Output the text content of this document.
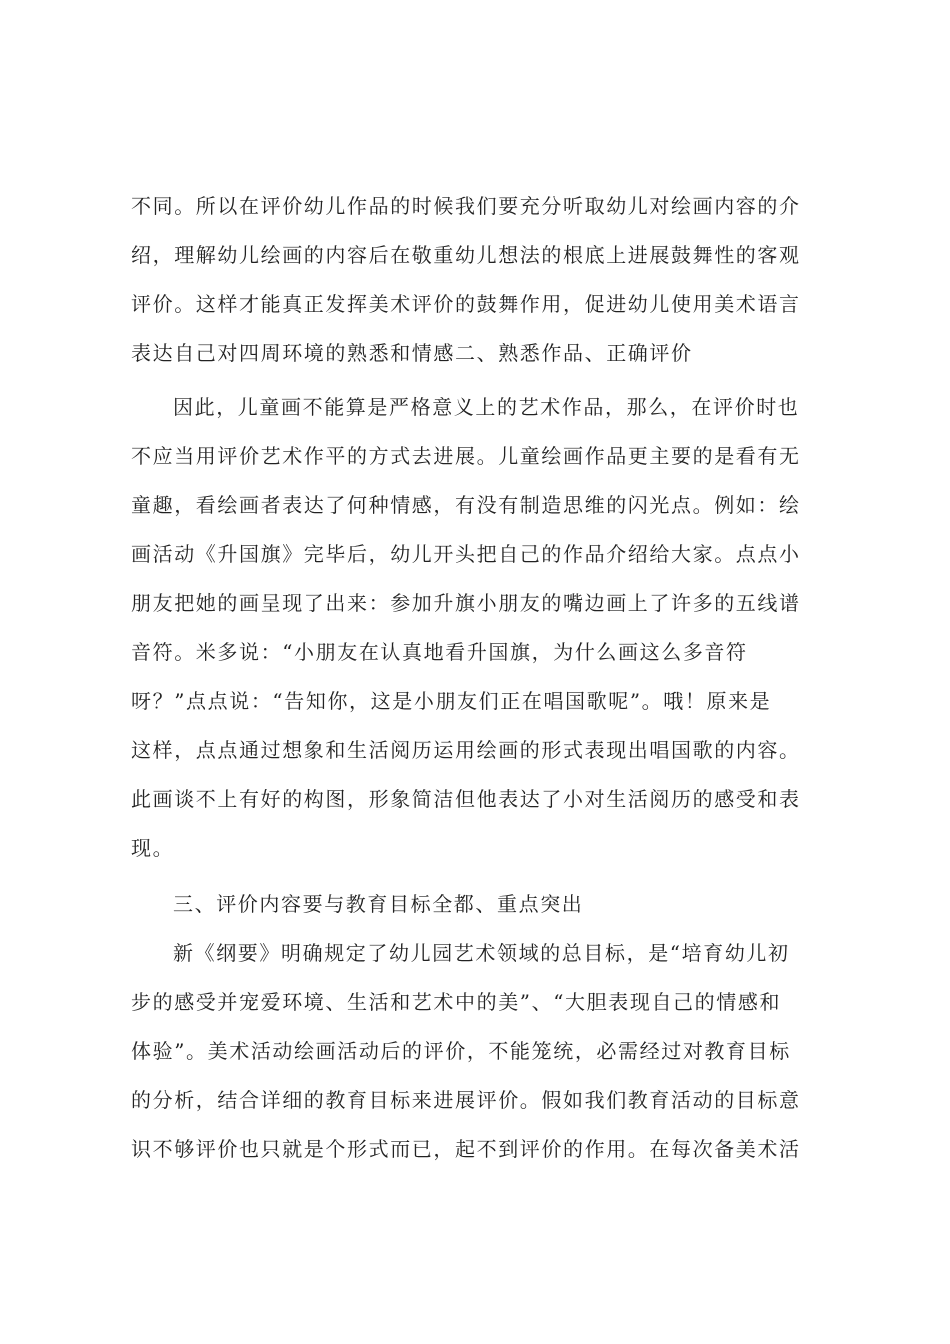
不同。所以在评价幼儿作品的时候我们要充分听取幼儿对绘画内容的介
绍，理解幼儿绘画的内容后在敬重幼儿想法的根底上进展鼓舞性的客观
评价。这样才能真正发挥美术评价的鼓舞作用，促进幼儿使用美术语言
表达自己对四周环境的熟悉和情感二、熟悉作品、正确评价
因此，儿童画不能算是严格意义上的艺术作品，那么，在评价时也
不应当用评价艺术作平的方式去进展。儿童绘画作品更主要的是看有无
童趣，看绘画者表达了何种情感，有没有制造思维的闪光点。例如：绘
画活动《升国旗》完毕后，幼儿开头把自己的作品介绍给大家。点点小
朋友把她的画呈现了出来：参加升旗小朋友的嘴边画上了许多的五线谱
音符。米多说：“小朋友在认真地看升国旗，为什么画这么多音符
呀？”点点说：“告知你，这是小朋友们正在唱国歌呢”。哦！原来是
这样，点点通过想象和生活阅历运用绘画的形式表现出唱国歌的内容。
此画谈不上有好的构图，形象简洁但他表达了小对生活阅历的感受和表
现。
三、评价内容要与教育目标全都、重点突出
新《纲要》明确规定了幼儿园艺术领域的总目标，是“培育幼儿初
步的感受并宠爱环境、生活和艺术中的美”、“大胆表现自己的情感和
体验”。美术活动绘画活动后的评价，不能笼统，必需经过对教育目标
的分析，结合详细的教育目标来进展评价。假如我们教育活动的目标意
识不够评价也只就是个形式而已，起不到评价的作用。在每次备美术活
